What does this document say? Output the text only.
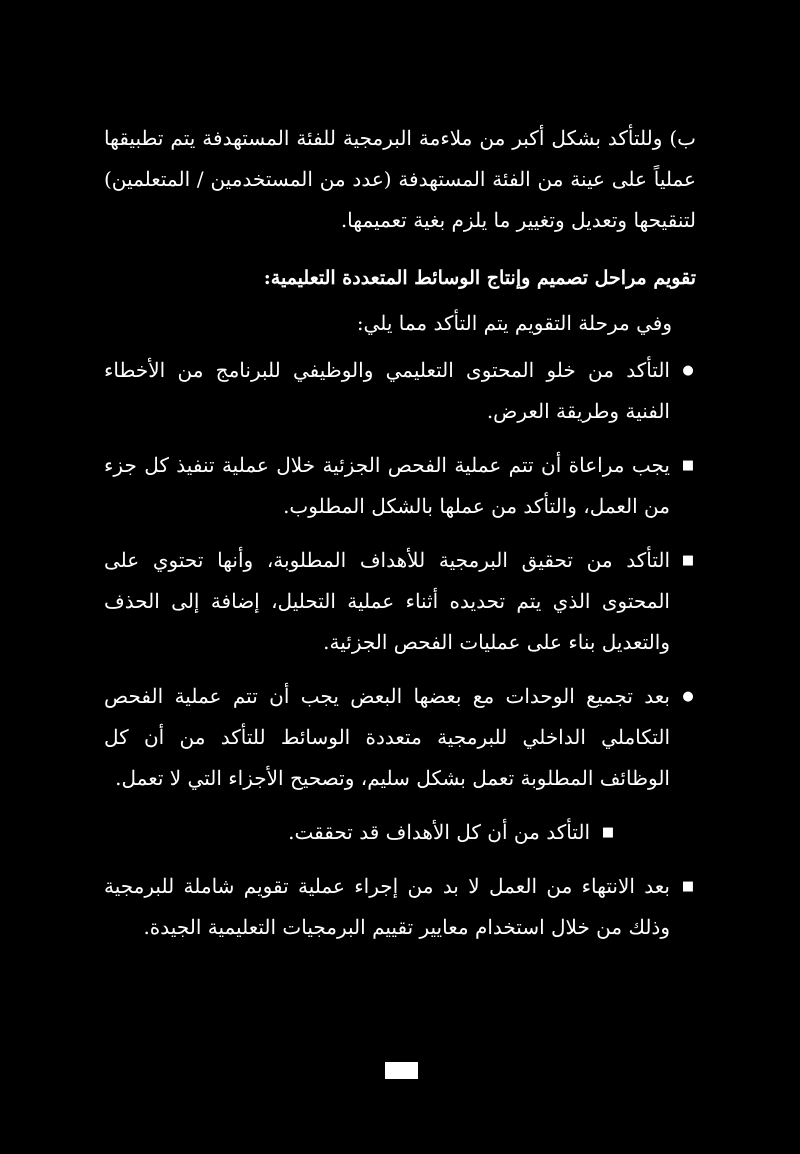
ب) وللتأكد بشكل أكبر من ملاءمة البرمجية للفئة المستهدفة يتم تطبيقها عملياً على عينة من الفئة المستهدفة (عدد من المستخدمين / المتعلمين) لتنقيحها وتعديل وتغيير ما يلزم بغية تعميمها.

تقويم مراحل تصميم وإنتاج الوسائط المتعددة التعليمية:

وفي مرحلة التقويم يتم التأكد مما يلي:

●
التأكد من خلو المحتوى التعليمي والوظيفي للبرنامج من الأخطاء الفنية وطريقة العرض.
■
يجب مراعاة أن تتم عملية الفحص الجزئية خلال عملية تنفيذ كل جزء من العمل، والتأكد من عملها بالشكل المطلوب.
■
التأكد من تحقيق البرمجية للأهداف المطلوبة، وأنها تحتوي على المحتوى الذي يتم تحديده أثناء عملية التحليل، إضافة إلى الحذف والتعديل بناء على عمليات الفحص الجزئية.
●
بعد تجميع الوحدات مع بعضها البعض يجب أن تتم عملية الفحص التكاملي الداخلي للبرمجية متعددة الوسائط للتأكد من أن كل الوظائف المطلوبة تعمل بشكل سليم، وتصحيح الأجزاء التي لا تعمل.
■
التأكد من أن كل الأهداف قد تحققت.
■
بعد الانتهاء من العمل لا بد من إجراء عملية تقويم شاملة للبرمجية وذلك من خلال استخدام معايير تقييم البرمجيات التعليمية الجيدة.
